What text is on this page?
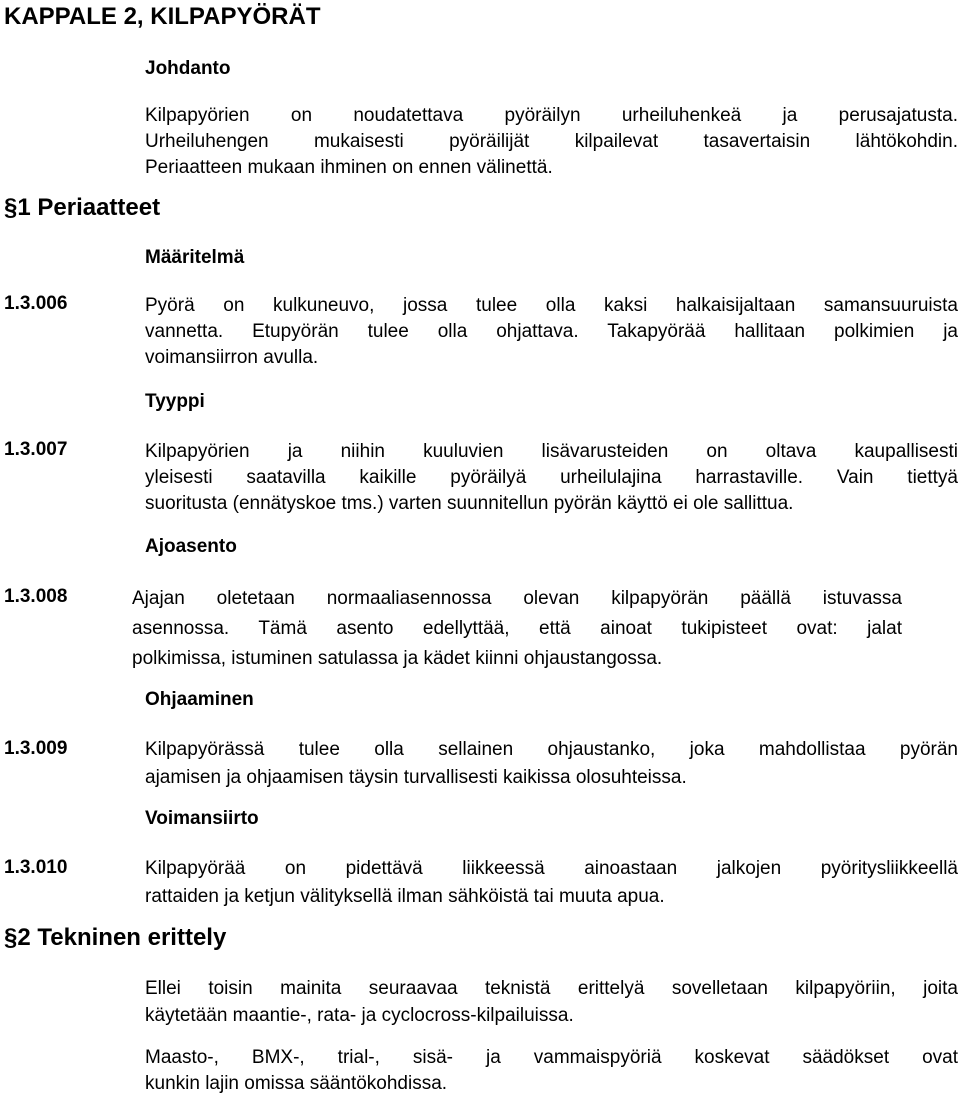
KAPPALE 2, KILPAPYÖRÄT
Johdanto
Kilpapyörien on noudatettava pyöräilyn urheiluhenkeä ja perusajatusta.
Urheiluhengen mukaisesti pyöräilijät kilpailevat tasavertaisin lähtökohdin.
Periaatteen mukaan ihminen on ennen välinettä.
§1 Periaatteet
Määritelmä
1.3.006	Pyörä on kulkuneuvo, jossa tulee olla kaksi halkaisijaltaan samansuuruista
vannetta. Etupyörän tulee olla ohjattava. Takapyörää hallitaan polkimien ja
voimansiirron avulla.
Tyyppi
1.3.007	Kilpapyörien ja niihin kuuluvien lisävarusteiden on oltava kaupallisesti
yleisesti saatavilla kaikille pyöräilyä urheilulajina harrastaville. Vain tiettyä
suoritusta (ennätyskoe tms.) varten suunnitellun pyörän käyttö ei ole sallittua.
Ajoasento
1.3.008	Ajajan oletetaan normaaliasennossa olevan kilpapyörän päällä istuvassa
asennossa. Tämä asento edellyttää, että ainoat tukipisteet ovat: jalat
polkimissa, istuminen satulassa ja kädet kiinni ohjaustangossa.
Ohjaaminen
1.3.009	Kilpapyörässä tulee olla sellainen ohjaustanko, joka mahdollistaa pyörän
ajamisen ja ohjaamisen täysin turvallisesti kaikissa olosuhteissa.
Voimansiirto
1.3.010	Kilpapyörää on pidettävä liikkeessä ainoastaan jalkojen pyöritysliikkeellä
rattaiden ja ketjun välityksellä ilman sähköistä tai muuta apua.
§2 Tekninen erittely
Ellei toisin mainita seuraavaa teknistä erittelyä sovelletaan kilpapyöriin, joita
käytetään maantie-, rata- ja cyclocross-kilpailuissa.
Maasto-, BMX-, trial-, sisä- ja vammaispyöriä koskevat säädökset ovat
kunkin lajin omissa sääntökohdissa.
